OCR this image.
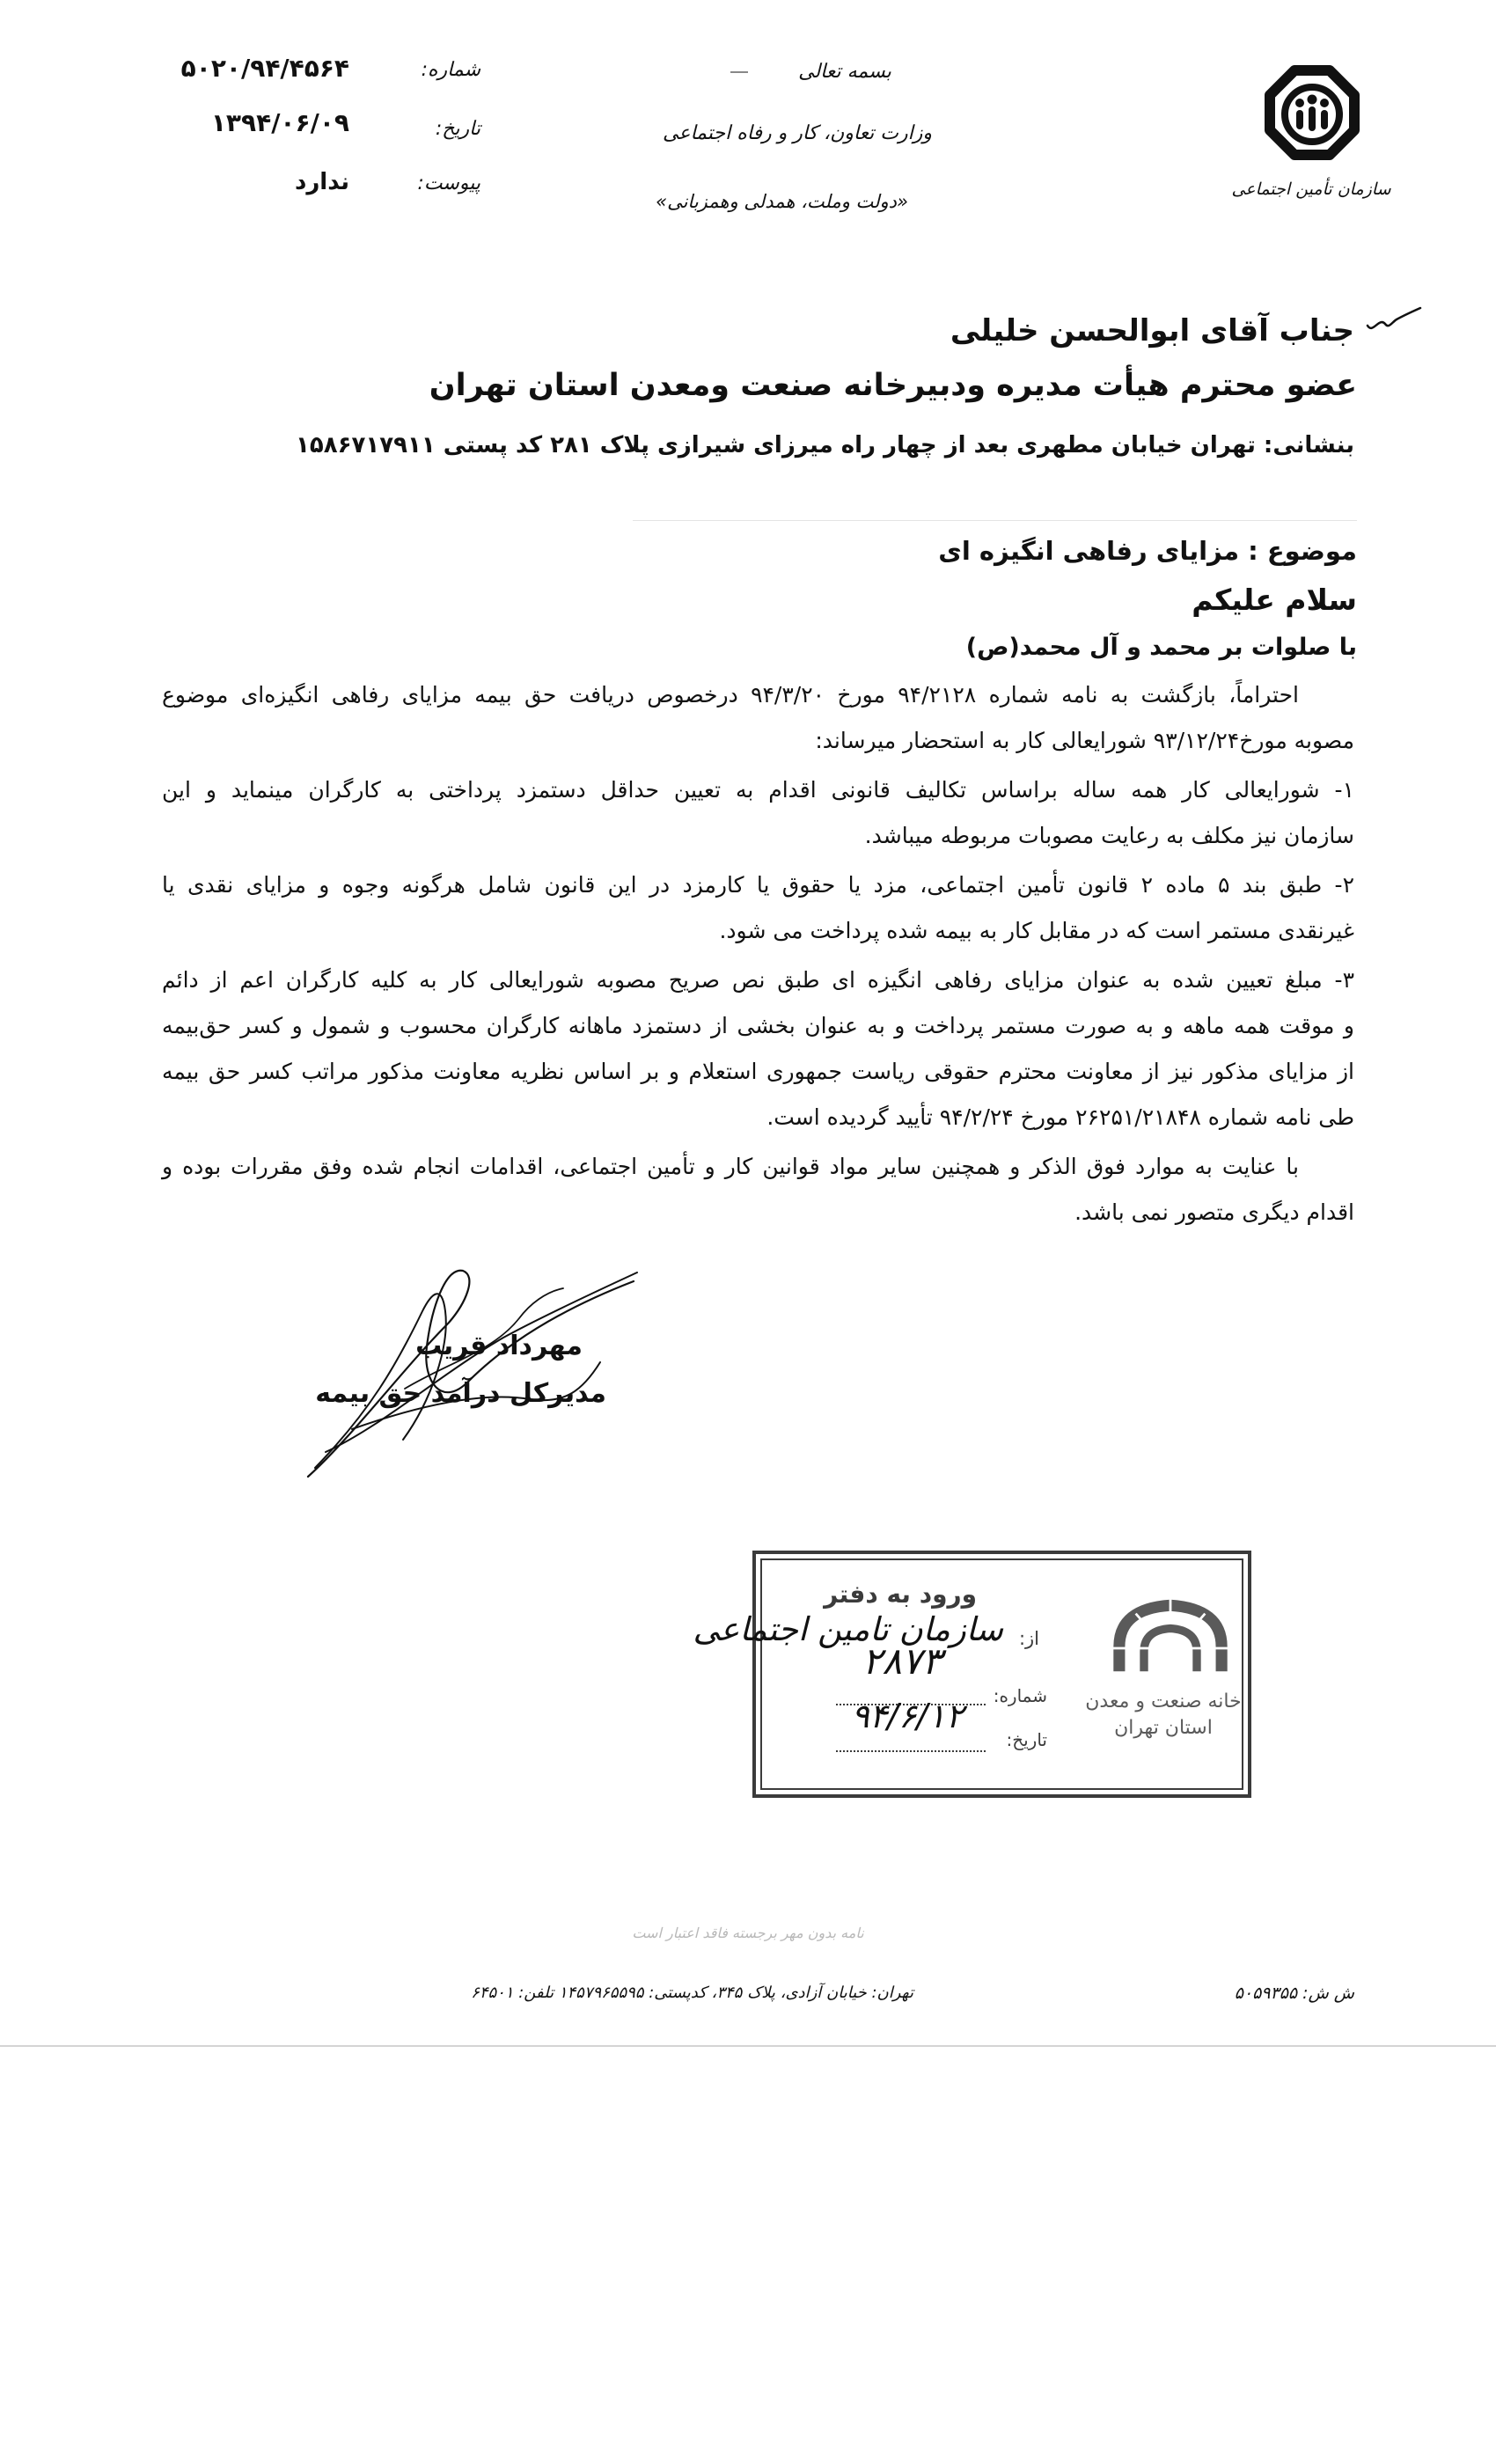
سازمان تأمین اجتماعی
بسمه تعالی
وزارت تعاون، کار و رفاه اجتماعی
«دولت وملت، همدلی وهمزبانی»
شماره:
۵۰۲۰/۹۴/۴۵۶۴
تاریخ:
۱۳۹۴/۰۶/۰۹
پیوست:
ندارد
جناب آقای ابوالحسن خلیلی
عضو محترم هیأت مدیره ودبیرخانه صنعت ومعدن استان تهران
بنشانی: تهران خیابان مطهری بعد از چهار راه میرزای شیرازی پلاک ۲۸۱ کد پستی ۱۵۸۶۷۱۷۹۱۱
موضوع : مزایای رفاهی انگیزه ای
سلام علیکم
با صلوات بر محمد و آل محمد(ص)
احتراماً، بازگشت به نامه شماره ۹۴/۲۱۲۸ مورخ ۹۴/۳/۲۰ درخصوص دریافت حق بیمه مزایای رفاهی انگیزه‌ای موضوع
مصوبه مورخ۹۳/۱۲/۲۴ شورایعالی کار به استحضار میرساند:
۱- شورایعالی کار همه ساله براساس تکالیف قانونی اقدام به تعیین حداقل دستمزد پرداختی به کارگران مینماید و این
سازمان نیز مکلف به رعایت مصوبات مربوطه میباشد.
۲- طبق بند ۵ ماده ۲ قانون تأمین اجتماعی، مزد یا حقوق یا کارمزد در این قانون شامل هرگونه وجوه و مزایای نقدی یا
غیرنقدی مستمر است که در مقابل کار به بیمه شده پرداخت می شود.
۳- مبلغ تعیین شده به عنوان مزایای رفاهی انگیزه ای طبق نص صریح مصوبه شورایعالی کار به کلیه کارگران اعم از دائم
و موقت همه ماهه و به صورت مستمر پرداخت و به عنوان بخشی از دستمزد ماهانه کارگران محسوب و شمول و کسر حق‌بیمه
از مزایای مذکور نیز از معاونت محترم حقوقی ریاست جمهوری استعلام و بر اساس نظریه معاونت مذکور مراتب کسر حق بیمه
طی نامه شماره ۲۶۲۵۱/۲۱۸۴۸ مورخ ۹۴/۲/۲۴ تأیید گردیده است.
با عنایت به موارد فوق الذکر و همچنین سایر مواد قوانین کار و تأمین اجتماعی، اقدامات انجام شده وفق مقررات بوده و
اقدام دیگری متصور نمی باشد.
مهرداد قریب
مدیرکل درآمد حق بیمه
ورود به دفتر
از:
سازمان تامین اجتماعی
شماره:
۲۸۷۳
تاریخ:
۹۴/۶/۱۲	خانه صنعت و معدن
استان تهران
نامه بدون مهر برجسته فاقد اعتبار است
تهران: خیابان آزادی، پلاک ۳۴۵، کدپستی: ۱۴۵۷۹۶۵۵۹۵ تلفن: ۶۴۵۰۱	ش ش: ۵۰۵۹۳۵۵
